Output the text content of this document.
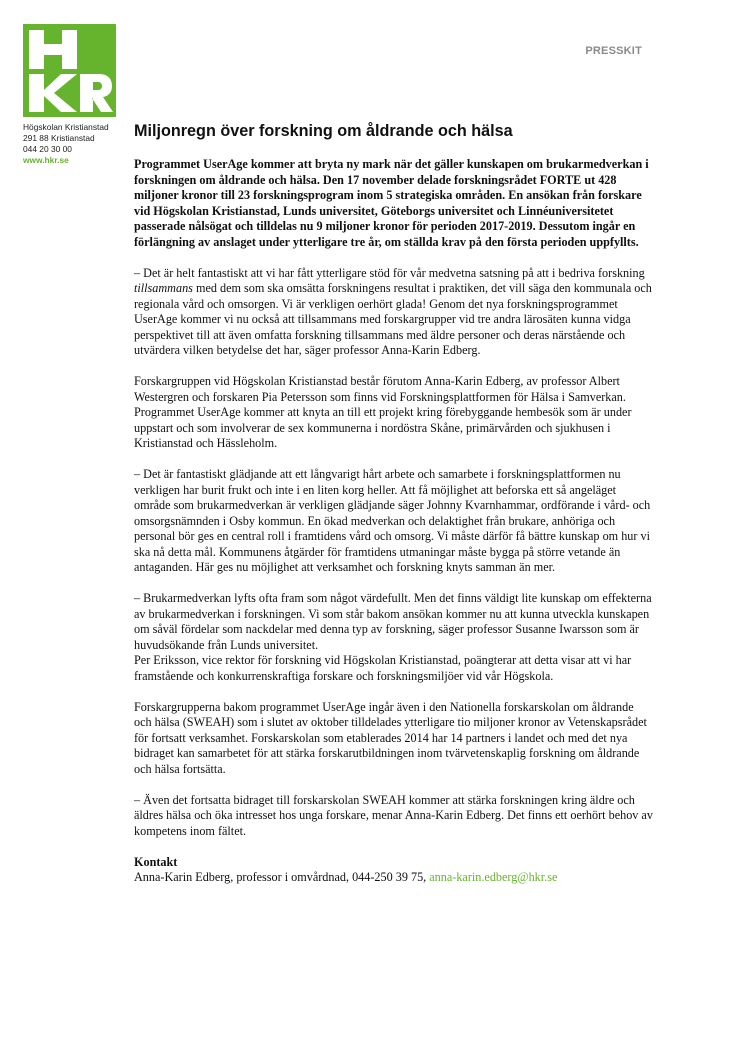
PRESSKIT
Högskolan Kristianstad
291 88 Kristianstad
044 20 30 00
www.hkr.se
Miljonregn över forskning om åldrande och hälsa

Programmet UserAge kommer att bryta ny mark när det gäller kunskapen om brukarmedverkan i forskningen om åldrande och hälsa. Den 17 november delade forskningsrådet FORTE ut 428 miljoner kronor till 23 forskningsprogram inom 5 strategiska områden. En ansökan från forskare vid Högskolan Kristianstad, Lunds universitet, Göteborgs universitet och Linnéuniversitetet passerade nålsögat och tilldelas nu 9 miljoner kronor för perioden 2017-2019. Dessutom ingår en förlängning av anslaget under ytterligare tre år, om ställda krav på den första perioden uppfyllts.

– Det är helt fantastiskt att vi har fått ytterligare stöd för vår medvetna satsning på att i bedriva forskning tillsammans med dem som ska omsätta forskningens resultat i praktiken, det vill säga den kommunala och regionala vård och omsorgen. Vi är verkligen oerhört glada! Genom det nya forskningsprogrammet UserAge kommer vi nu också att tillsammans med forskargrupper vid tre andra lärosäten kunna vidga perspektivet till att även omfatta forskning tillsammans med äldre personer och deras närstående och utvärdera vilken betydelse det har, säger professor Anna-Karin Edberg.

Forskargruppen vid Högskolan Kristianstad består förutom Anna-Karin Edberg, av professor Albert Westergren och forskaren Pia Petersson som finns vid Forskningsplattformen för Hälsa i Samverkan. Programmet UserAge kommer att knyta an till ett projekt kring förebyggande hembesök som är under uppstart och som involverar de sex kommunerna i nordöstra Skåne, primärvården och sjukhusen i Kristianstad och Hässleholm.

– Det är fantastiskt glädjande att ett långvarigt hårt arbete och samarbete i forskningsplattformen nu verkligen har burit frukt och inte i en liten korg heller. Att få möjlighet att beforska ett så angeläget område som brukarmedverkan är verkligen glädjande säger Johnny Kvarnhammar, ordförande i vård- och omsorgsnämnden i Osby kommun. En ökad medverkan och delaktighet från brukare, anhöriga och personal bör ges en central roll i framtidens vård och omsorg. Vi måste därför få bättre kunskap om hur vi ska nå detta mål. Kommunens åtgärder för framtidens utmaningar måste bygga på större vetande än antaganden. Här ges nu möjlighet att verksamhet och forskning knyts samman än mer.

– Brukarmedverkan lyfts ofta fram som något värdefullt. Men det finns väldigt lite kunskap om effekterna av brukarmedverkan i forskningen. Vi som står bakom ansökan kommer nu att kunna utveckla kunskapen om såväl fördelar som nackdelar med denna typ av forskning, säger professor Susanne Iwarsson som är huvudsökande från Lunds universitet.
Per Eriksson, vice rektor för forskning vid Högskolan Kristianstad, poängterar att detta visar att vi har framstående och konkurrenskraftiga forskare och forskningsmiljöer vid vår Högskola.

Forskargrupperna bakom programmet UserAge ingår även i den Nationella forskarskolan om åldrande och hälsa (SWEAH) som i slutet av oktober tilldelades ytterligare tio miljoner kronor av Vetenskapsrådet för fortsatt verksamhet. Forskarskolan som etablerades 2014 har 14 partners i landet och med det nya bidraget kan samarbetet för att stärka forskarutbildningen inom tvärvetenskaplig forskning om åldrande och hälsa fortsätta.

– Även det fortsatta bidraget till forskarskolan SWEAH kommer att stärka forskningen kring äldre och äldres hälsa och öka intresset hos unga forskare, menar Anna-Karin Edberg. Det finns ett oerhört behov av kompetens inom fältet.

Kontakt
Anna-Karin Edberg, professor i omvårdnad, 044-250 39 75, anna-karin.edberg@hkr.se
